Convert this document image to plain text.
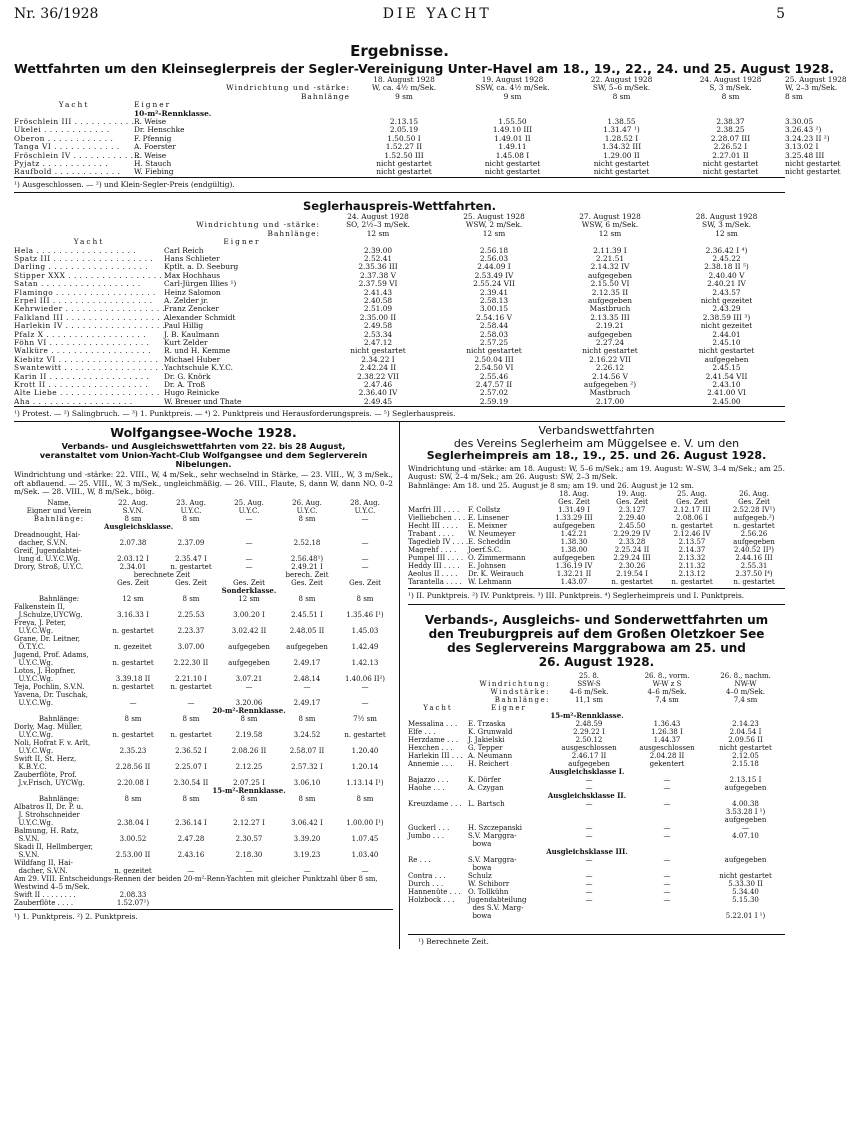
Nr. 36/1928	DIE YACHT	5
Ergebnisse.
Wettfahrten um den Kleinseglerpreis der Segler-Vereinigung Unter-Havel am 18., 19., 22., 24. und 25. August 1928.
			18. August 1928	19. August 1928	22. August 1928	24. August 1928	25. August 1928
Windrichtung und -stärke:			W, ca. 4½ m/Sek.	SSW, ca. 4½ m/Sek.	SW, 5–6 m/Sek.	S, 3 m/Sek.	W, 2–3 m/Sek.
Bahnlänge			9 sm	9 sm	8 sm	8 sm	8 sm
Yacht	Eigner						
	10-m²-Rennklasse.						
Fröschlein III . . . . . . . . . . . .	R. Weise		2.13.15	1.55.50	1.38.55	2.38.37	3.30.05
Ukelei . . . . . . . . . . . .	Dr. Henschke		2.05.19	1.49.10 III	1.31.47 ¹)	2.38.25	3.26.43 ²)
Oberon . . . . . . . . . . . .	F. Pfennig		1.50.50 I	1.49.01 II	1.28.52 I	2.28.07 III	3.24.23 II ²)
Tanga VI . . . . . . . . . . . .	A. Foerster		1.52.27 II	1.49.11	1.34.32 III	2.26.52 I	3.13.02 I
Fröschlein IV . . . . . . . . . . . .	R. Weise		1.52.50 III	1.45.08 I	1.29.00 II	2.27.01 II	3.25.48 III
Pyjatz . . . . . . . . . . . .	H. Stauch		nicht gestartet	nicht gestartet	nicht gestartet	nicht gestartet	nicht gestartet
Raufbold . . . . . . . . . . . .	W. Fiebing		nicht gestartet	nicht gestartet	nicht gestartet	nicht gestartet	nicht gestartet
¹) Ausgeschlossen. — ²) und Klein-Segler-Preis (endgültig).
Seglerhauspreis-Wettfahrten.
		24. August 1928	25. August 1928	27. August 1928	28. August 1928
Windrichtung und -stärke:		SO, 2½–3 m/Sek.	WSW, 2 m/Sek.	WSW, 6 m/Sek.	SW, 3 m/Sek.
Bahnlänge:		12 sm	12 sm	12 sm	12 sm
Yacht	Eigner				
Hela . . . . . . . . . . . . . . . . . .	Carl Reich	2.39.00	2.56.18	2.11.39 I	2.36.42 I ⁴)
Spatz III . . . . . . . . . . . . . . . . . .	Hans Schlieter	2.52.41	2.56.03	2.21.51	2.45.22
Darling . . . . . . . . . . . . . . . . . .	Kptlt. a. D. Seeburg	2.35.36 III	2.44.09 I	2.14.32 IV	2.38.18 II ⁵)
Stipper XXX . . . . . . . . . . . . . . . . . .	Max Hochhaus	2.37.38 V	2.53.49 IV	aufgegeben	2.40.40 V
Satan . . . . . . . . . . . . . . . . . .	Carl-Jürgen Illies ¹)	2.37.59 VI	2.55.24 VII	2.15.50 VI	2.40.21 IV
Flamingo . . . . . . . . . . . . . . . . . .	Heinz Salomon	2.41.43	2.39.41	2.12.35 II	2.43.57
Erpel III . . . . . . . . . . . . . . . . . .	A. Zelder jr.	2.40.58	2.58.13	aufgegeben	nicht gezeitet
Kehrwieder . . . . . . . . . . . . . . . . . .	Franz Zencker	2.51.09	3.00.15	Mastbruch	2.43.29
Falkland III . . . . . . . . . . . . . . . . . .	Alexander Schmidt	2.35.00 II	2.54.16 V	2.13.35 III	2.38.59 III ³)
Harlekin IV . . . . . . . . . . . . . . . . . .	Paul Hillig	2.49.58	2.58.44	2.19.21	nicht gezeitet
Pfalz X . . . . . . . . . . . . . . . . . .	J. B. Kaulmann	2.53.34	2.58.03	aufgegeben	2.44.01
Föhn VI . . . . . . . . . . . . . . . . . .	Kurt Zelder	2.47.12	2.57.25	2.27.24	2.45.10
Walküre . . . . . . . . . . . . . . . . . .	R. und H. Kemme	nicht gestartet	nicht gestartet	nicht gestartet	nicht gestartet
Kiebitz VI . . . . . . . . . . . . . . . . . .	Michael Huber	2.34.22 I	2.50.04 III	2.16.22 VII	aufgegeben
Swantewitt . . . . . . . . . . . . . . . . . .	Yachtschule K.Y.C.	2.42.24 II	2.54.50 VI	2.26.12	2.45.15
Karin II . . . . . . . . . . . . . . . . . .	Dr. G. Knörk	2.38.22 VII	2.55.46	2.14.56 V	2.41.54 VII
Krott II . . . . . . . . . . . . . . . . . .	Dr. A. Troß	2.47.46	2.47.57 II	aufgegeben ²)	2.43.10
Alte Liebe . . . . . . . . . . . . . . . . . .	Hugo Reinicke	2.36.40 IV	2.57.02	Mastbruch	2.41.00 VI
Aha . . . . . . . . . . . . . . . . . .	W. Breuer und Thate	2.49.45	2.59.19	2.17.00	2.45.00
¹) Protest. — ²) Salingbruch. — ³) 1. Punktpreis. — ⁴) 2. Punktpreis und Herausforderungspreis. — ⁵) Seglerhauspreis.
Wolfgangsee-Woche 1928.
Verbands- und Ausgleichswettfahrten vom 22. bis 28 August, veranstaltet vom Union-Yacht-Club Wolfgangsee und dem Seglerverein Nibelungen.
Windrichtung und -stärke: 22. VIII., W, 4 m/Sek., sehr wechselnd in Stärke, — 23. VIII., W, 3 m/Sek., oft abflauend. — 25. VIII., W, 3 m/Sek., ungleichmäßig. — 26. VIII., Flaute, S, dann W, dann NO, 0–2 m/Sek. — 28. VIII., W, 8 m/Sek., böig.
Name,	22. Aug.	23. Aug.	25. Aug.	26. Aug.	28. Aug.
Eigner und Verein	S.V.N.	U.Y.C.	U.Y.C.	U.Y.C.	U.Y.C.
Bahnlänge:	8 sm	8 sm	—	8 sm	—
	Ausgleichsklasse.				
Dreadnought, Hai-					
dacher, S.V.N.	2.07.38	2.37.09	—	2.52.18	—
Greif, Jugendabtei-					
lung d. U.Y.C.Wg.	2.03.12 I	2.35.47 I	—	2.56.48¹)	—
Drory, Stroß, U.Y.C.	2.34.01	n. gestartet	—	2.49.21 I	—
	berechnete Zeit			berech. Zeit	
	Ges. Zeit	Ges. Zeit	Ges. Zeit	Ges. Zeit	Ges. Zeit
	Sonderklasse.				
Bahnlänge:	12 sm	8 sm	12 sm	8 sm	8 sm
Falkenstein II,					
J.Schulze,UYCWg.	3.16.33 I	2.25.53	3.00.20 I	2.45.51 I	1.35.46 I¹)
Freya, J. Peter,					
U.Y.C.Wg.	n. gestartet	2.23.37	3.02.42 II	2.48.05 II	1.45.03
Grane, Dr. Leitner,					
Ö.T.Y.C.	n. gezeitet	3.07.00	aufgegeben	aufgegeben	1.42.49
Jugend, Prof. Adams,					
U.Y.C.Wg.	n. gestartet	2.22.30 II	aufgegeben	2.49.17	1.42.13
Lotos, J. Hopfner,					
U.Y.C.Wg.	3.39.18 II	2.21.10 I	3.07.21	2.48.14	1.40.06 II²)
Teja, Pochlin, S.V.N.	n. gestartet	n. gestartet	—	—	—
Yavena, Dr. Tuschak,					
U.Y.C.Wg.	—	—	3.20.06	2.49.17	—
	20-m²-Rennklasse.				
Bahnlänge:	8 sm	8 sm	8 sm	8 sm	7½ sm
Dorly, Mag. Müller,					
U.Y.C.Wg.	n. gestartet	n. gestartet	2.19.58	3.24.52	n. gestartet
Noli, Hofrat F. v. Arlt,					
U.Y.C.Wg.	2.35.23	2.36.52 I	2.08.26 II	2.58.07 II	1.20.40
Swift II, St. Herz,					
K.B.Y.C.	2.28.56 II	2.25.07 I	2.12.25	2.57.32 I	1.20.14
Zauberflöte, Prof.					
J.v.Frisch, UYCWg.	2.20.08 I	2.30.54 II	2.07.25 I	3.06.10	1.13.14 I¹)
	15-m²-Rennklasse.				
Bahnlänge:	8 sm	8 sm	8 sm	8 sm	8 sm
Albatros II, Dr. P. u.					
J. Strohschneider					
U.Y.C.Wg.	2.38.04 I	2.36.14 I	2.12.27 I	3.06.42 I	1.00.00 I¹)
Balmung, H. Ratz,					
S.V.N.	3.00.52	2.47.28	2.30.57	3.39.20	1.07.45
Skadi II, Hellmberger,					
S.V.N.	2.53.00 II	2.43.16	2.18.30	3.19.23	1.03.40
Wildfang II, Hai-					
dacher, S.V.N.	n. gezeitet	—	—	—	—
Am 29. VIII. Entscheidungs-Rennen der beiden 20-m²-Renn-Yachten mit gleicher Punktzahl über 8 sm, Westwind 4–5 m/Sek.					
Swift II . . . . . . . .	2.08.33				
Zauberflöte . . . .	1.52.07¹)				
¹) 1. Punktpreis. ²) 2. Punktpreis.
Verbandswettfahrten
des Vereins Seglerheim am Müggelsee e. V. um den
Seglerheimpreis am 18., 19., 25. und 26. August 1928.
Windrichtung und -stärke: am 18. August: W, 5–6 m/Sek.; am 19. August: W–SW, 3–4 m/Sek.; am 25. August: SW, 2–4 m/Sek.; am 26. August: SW, 2–3 m/Sek.
Bahnlänge: Am 18. und 25. August je 8 sm; am 19. und 26. August je 12 sm.
		18. Aug.	19. Aug.	25. Aug.	26. Aug.
		Ges. Zeit	Ges. Zeit	Ges. Zeit	Ges. Zeit
Marfri III . . . .	F. Collstz	1.31.49 I	2.3.127	2.12.17 III	2.52.28 IV¹)
Vielliebchen . . . .	E. Linsener	1.33.29 III	2.29.40	2.08.06 I	aufgegeb.²)
Hecht III . . . .	E. Meixner	aufgegeben	2.45.50	n. gestartet	n. gestartet
Trabant . . . .	W. Neumeyer	1.42.21	2.29.29 IV	2.12.46 IV	2.56.26
Tagedieb IV . . . .	E. Scheddin	1.38.30	2.33.28	2.13.57	aufgegeben
Magrehf . . . .	Joerf.S.C.	1.38.00	2.25.24 II	2.14.37	2.40.52 II³)
Pumpel III . . . .	O. Zimmermann	aufgegeben	2.29.24 III	2.13.32	2.44.16 III
Heddy III . . . .	E. Johnsen	1.36.19 IV	2.30.26	2.11.32	2.55.31
Aeolus II . . . .	Dr. K. Weirauch	1.32.21 II	2.19.54 I	2.13.12	2.37.50 I⁴)
Tarantella . . . .	W. Lehmann	1.43.07	n. gestartet	n. gestartet	n. gestartet
¹) II. Punktpreis. ²) IV. Punktpreis. ³) III. Punktpreis. ⁴) Seglerheimpreis und I. Punktpreis.
Verbands-, Ausgleichs- und Sonderwettfahrten um
den Treuburgpreis auf dem Großen Oletzkoer See
des Seglervereins Marggrabowa am 25. und
26. August 1928.
		25. 8.	26. 8., vorm.	26. 8., nachm.
Windrichtung:		SSW-S	W-W z S	NW-W
Windstärke:		4–6 m/Sek.	4–6 m/Sek.	4–0 m/Sek.
Bahnlänge:		11,1 sm	7,4 sm	7,4 sm
Yacht	Eigner			
	15-m²-Rennklasse.			
Messalina . . .	E. Trzaska	2.48.59	1.36.43	2.14.23
Elfe . . .	K. Grunwald	2.29.22 I	1.26.38 I	2.04.54 I
Herzdame . . .	J. Jakielski	2.50.12	1.44.37	2.09.56 II
Hexchen . . .	G. Tepper	ausgeschlossen	ausgeschlossen	nicht gestartet
Harlekin III . . .	A. Neumann	2.46.17 II	2.04.28 II	2.12.05
Annemie . . .	H. Reichert	aufgegeben	gekentert	2.15.18
	Ausgleichsklasse I.			
Bajazzo . . .	K. Dörfer	—	—	2.13.15 I
Haohe . . .	A. Czygan	—	—	aufgegeben
	Ausgleichsklasse II.			
Kreuzdame . . .	L. Bartsch	—	—	4.00.38
				3.53.28 I ¹)
				aufgegeben
Guckerl . . .	H. Szczepanski	—	—	—
Jumbo . . .	S.V. Marggra-	—	—	4.07.10
	bowa			
	Ausgleichsklasse III.			
Re . . .	S.V. Marggra-	—	—	aufgegeben
	bowa			
Contra . . .	Schulz	—	—	nicht gestartet
Durch . . .	W. Schiborr	—	—	5.33.30 II
Hannenüte . . .	O. Tollkühn	—	—	5.34.40
Holzbock . . .	Jugendabteilung	—	—	5.15.30
	des S.V. Marg-			
	bowa			5.22.01 I ¹)
¹) Berechnete Zeit.
